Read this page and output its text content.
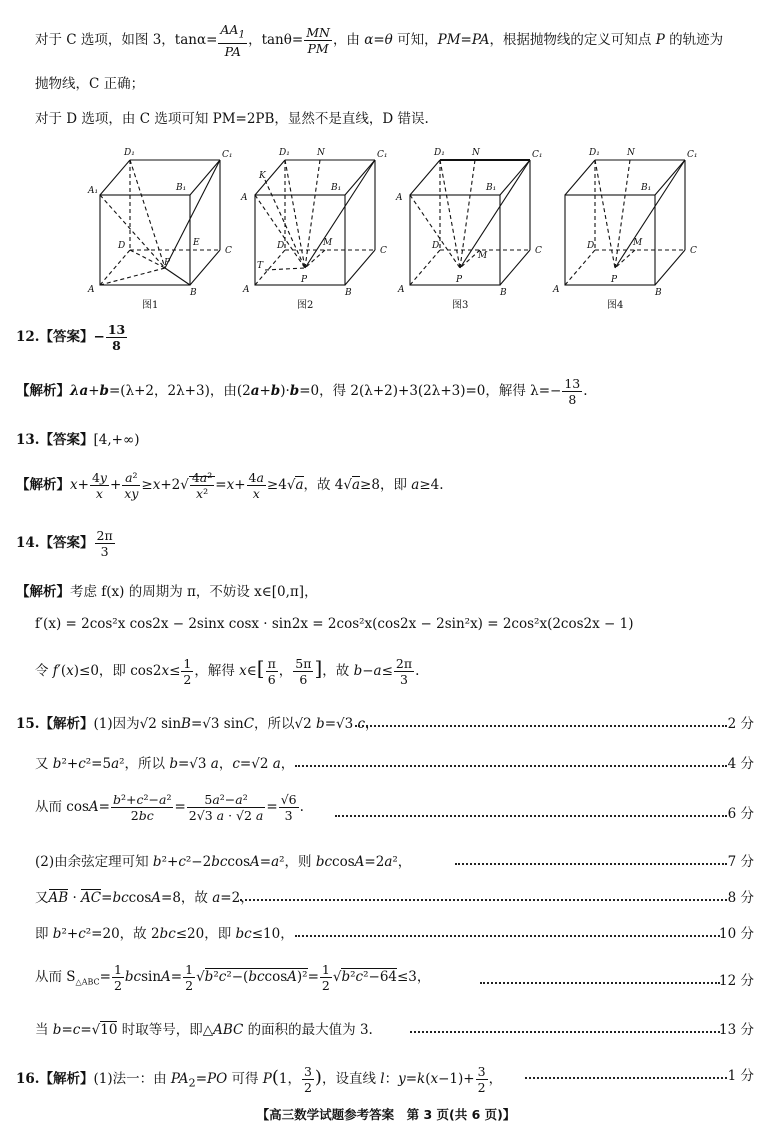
对于 C 选项，如图 3，$\tan\alpha= \frac{AA_1}{PA}$ ，$\tan\theta= \frac{MN}{PM}$ ，由 α=θ 可知，PM=PA，根据抛物线的定义可知点 P 的轨迹为
抛物线，C 正确；
对于 D 选项，由 C 选项可知 PM=2PB，显然不是直线，D 错误.
D₁	C₁
A₁	B₁
D	E
C
A
P
B
图1
D₁	N	C₁
K
A
B₁
D	M
C
T
P
A	B
图2
D₁	N	C₁
A
B₁
D
M	C
P
A	B
图3
D₁	N	C₁
B₁
D	M
C
P
A	B
图4
12.【答案】− $\frac{13}{8}$
【解析】λa+b=(λ+2，2λ+3)，由(2a+b)·b=0，得 2(λ+2)+3(2λ+3)=0，解得 $\lambda=- \frac{13}{8}$ .
13.【答案】[4,+∞)
【解析】$x+ \frac{4y}{x} + \frac{\text{a²}}{xy} \ge x+2√ \frac{\text{4a²}}{\text{x²}} =x+ \frac{4a}{x} \ge 4√a$，故 4√a≥8，即 a≥4.
14.【答案】 $\frac{2\pi}{3}$
【解析】考虑 f(x) 的周期为 π，不妨设 x∈[0,π]，
f′(x) = 2cos²x cos2x − 2sinx cosx · sin2x = 2cos²x(cos2x − 2sin²x) = 2cos²x(2cos2x − 1)
令 f′(x)≤0，即 $\cos 2x\le \frac{1}{2}$ ，解得 x∈[ $\frac{\pi}{6}$ ， $\frac{5\pi}{6}$ ]，故 $b-a\le \frac{2\pi}{3}$ .
15.【解析】(1)因为√2 sinB=√3 sinC，所以√2 b=√3 c，	2 分
又 b²+c²=5a²，所以 b=√3 a，c=√2 a，	4 分
从而 $\cos A= \frac{\text{b²+c²−a²}}{2bc} = \frac{\text{5a²−a²}}{2√3 a \cdot √2 a} = \frac{√6}{3}$ .	6 分
(2)由余弦定理可知 b²+c²−2bccosA=a²，则 bccosA=2a²，	7 分
又AB · AC=bccosA=8，故 a=2，	8 分
即 b²+c²=20，故 2bc≤20，即 bc≤10，	10 分
从而 $S_{\triangle ABC}= \frac{1}{2} bcsinA= \frac{1}{2} √b^2c^2-(bccosA)^2= \frac{1}{2} √b^2c^2-64\le 3$，	12 分
当 b=c=√10 时取等号，即△ABC 的面积的最大值为 3.	13 分
16.【解析】(1)法一：由 $PA_2=PO$ 可得 P(1， $\frac{3}{2}$ )，设直线 l：$y=k(x-1)+ \frac{3}{2}$ ，	1 分
【高三数学试题参考答案　第 3 页(共 6 页)】
